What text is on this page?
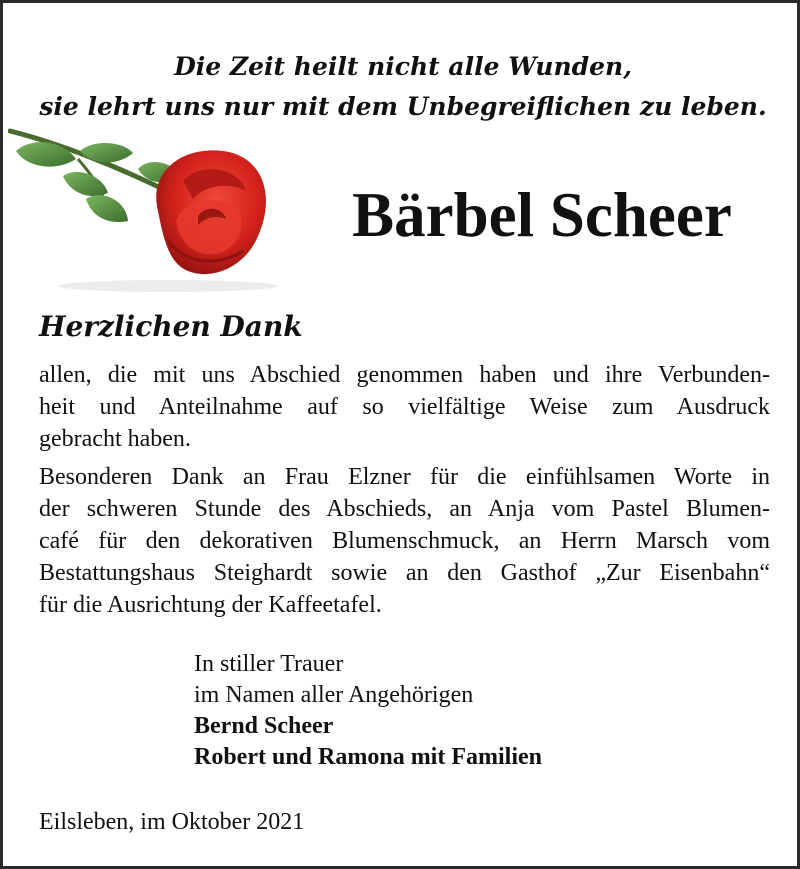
Die Zeit heilt nicht alle Wunden,
sie lehrt uns nur mit dem Unbegreiflichen zu leben.
Bärbel Scheer
Herzlichen Dank
allen, die mit uns Abschied genommen haben und ihre Verbunden-
heit und Anteilnahme auf so vielfältige Weise zum Ausdruck
gebracht haben.
Besonderen Dank an Frau Elzner für die einfühlsamen Worte in
der schweren Stunde des Abschieds, an Anja vom Pastel Blumen-
café für den dekorativen Blumenschmuck, an Herrn Marsch vom
Bestattungshaus Steighardt sowie an den Gasthof „Zur Eisenbahn“
für die Ausrichtung der Kaffeetafel.
In stiller Trauer
im Namen aller Angehörigen
Bernd Scheer
Robert und Ramona mit Familien
Eilsleben, im Oktober 2021
